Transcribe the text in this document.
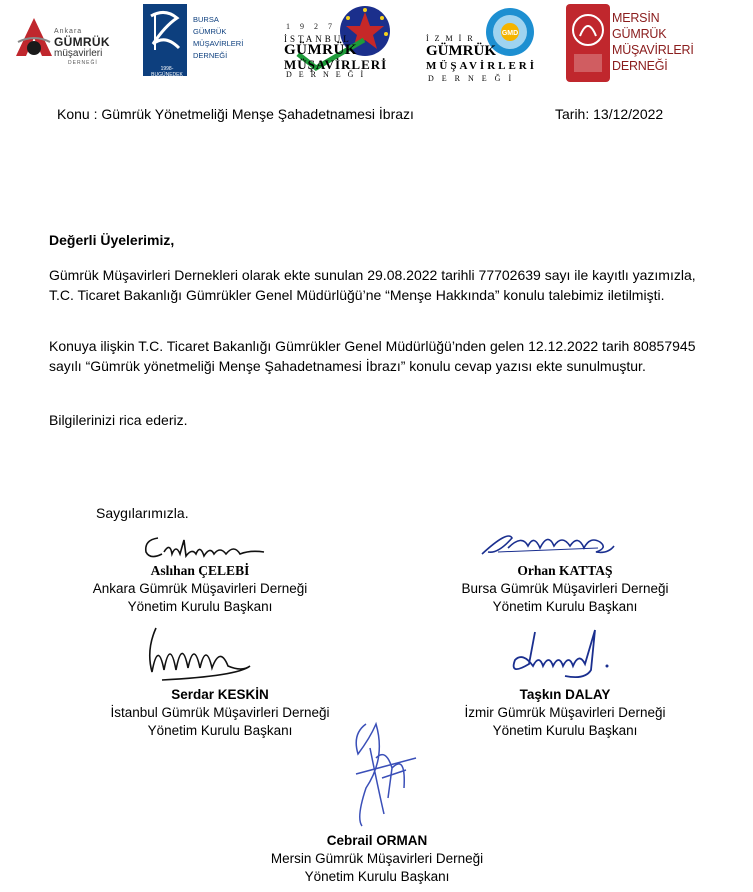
Ankara
GÜMRÜK
müşavirleri
DERNEĞİ
1998-BUGÜNEDEK
BURSA
GÜMRÜK
MÜŞAVİRLERİ
DERNEĞİ
1 9 2 7
İSTANBUL
GÜMRÜK
MÜŞAVİRLERİ
DERNEĞİ
GMD
İZMİR
GÜMRÜK
MÜŞAVİRLERİ
DERNEĞİ
MERSİN
GÜMRÜK
MÜŞAVİRLERİ
DERNEĞİ
Konu : Gümrük Yönetmeliği Menşe Şahadetnamesi İbrazı	Tarih: 13/12/2022
Değerli Üyelerimiz,
Gümrük Müşavirleri Dernekleri olarak ekte sunulan 29.08.2022 tarihli 77702639 sayı ile kayıtlı yazımızla, T.C. Ticaret Bakanlığı Gümrükler Genel Müdürlüğü’ne “Menşe Hakkında” konulu talebimiz iletilmişti.
Konuya ilişkin T.C. Ticaret Bakanlığı Gümrükler Genel Müdürlüğü’nden gelen 12.12.2022 tarih 80857945 sayılı “Gümrük yönetmeliği Menşe Şahadetnamesi İbrazı” konulu cevap yazısı ekte sunulmuştur.
Bilgilerinizi rica ederiz.
Saygılarımızla.
Aslıhan ÇELEBİ
Ankara Gümrük Müşavirleri Derneği
Yönetim Kurulu Başkanı
Orhan KATTAŞ
Bursa Gümrük Müşavirleri Derneği
Yönetim Kurulu Başkanı
Serdar KESKİN
İstanbul Gümrük Müşavirleri Derneği
Yönetim Kurulu Başkanı
Taşkın DALAY
İzmir Gümrük Müşavirleri Derneği
Yönetim Kurulu Başkanı
Cebrail ORMAN
Mersin Gümrük Müşavirleri Derneği
Yönetim Kurulu Başkanı
